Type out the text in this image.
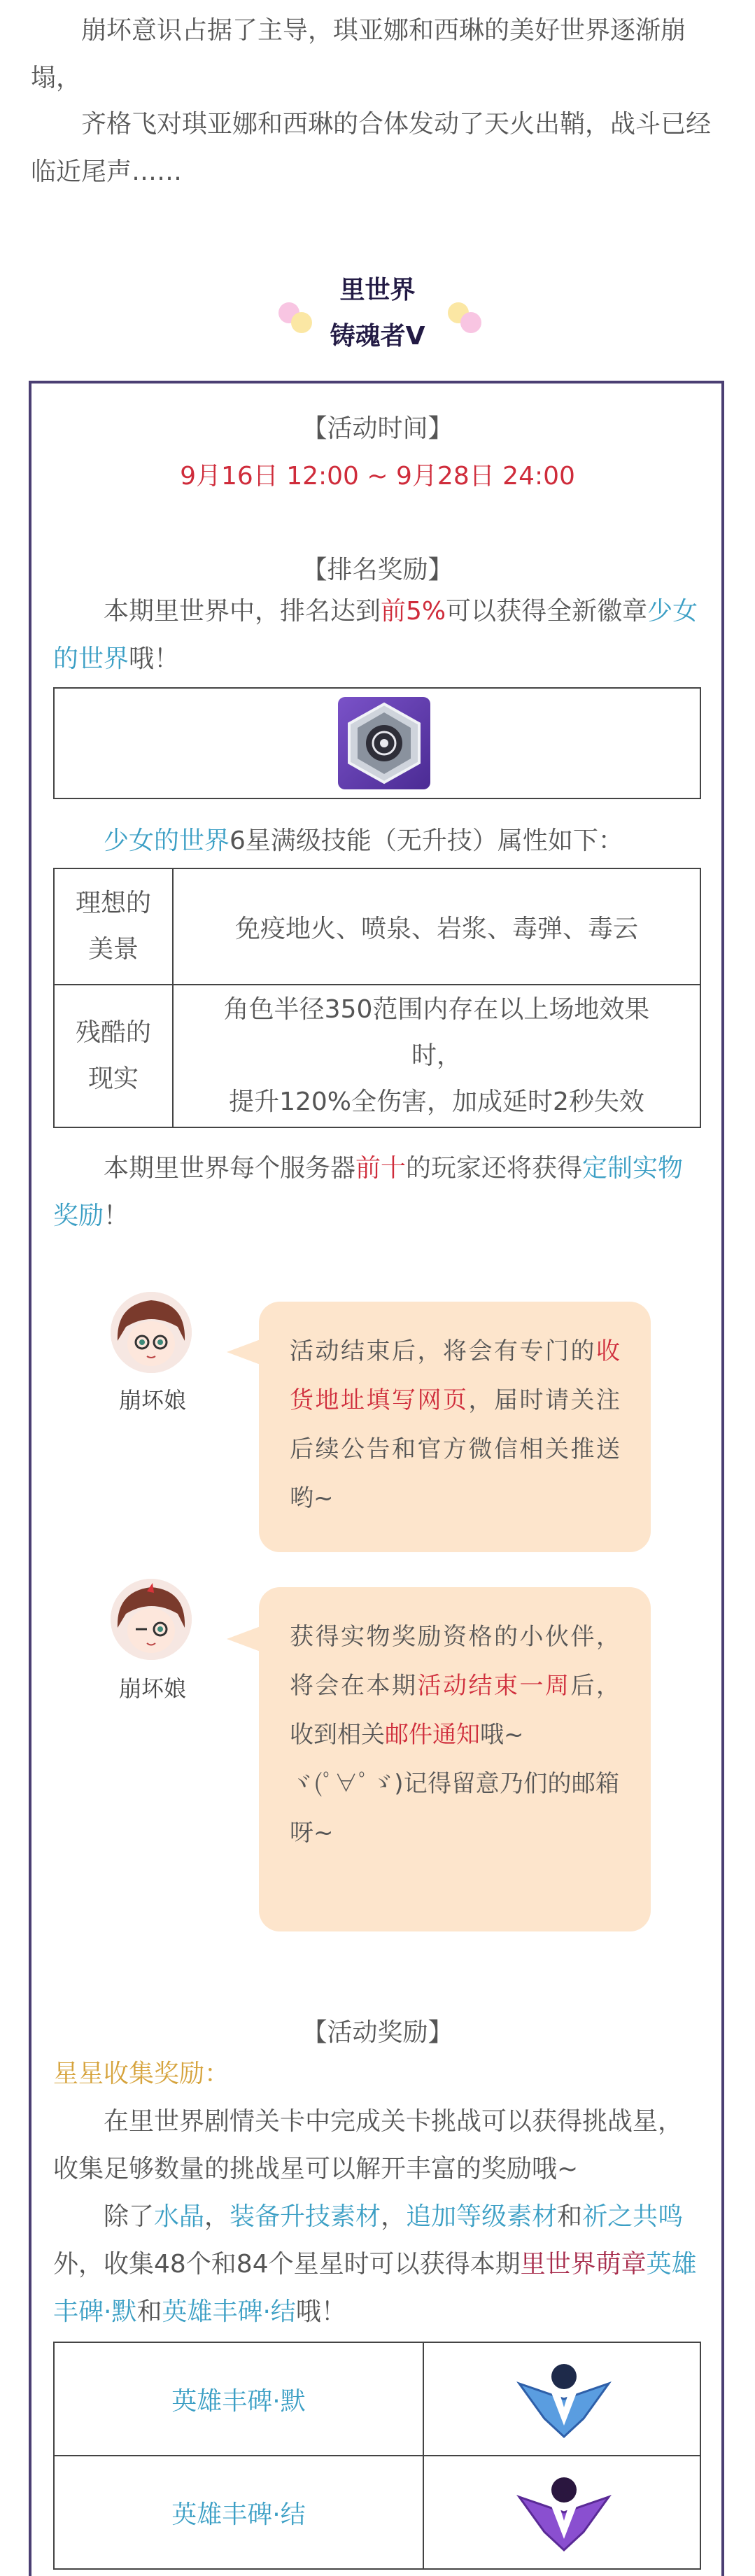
崩坏意识占据了主导，琪亚娜和西琳的美好世界逐渐崩塌，

齐格飞对琪亚娜和西琳的合体发动了天火出鞘，战斗已经临近尾声……

里世界
铸魂者V
【活动时间】
9月16日 12:00 ~ 9月28日 24:00
【排名奖励】

本期里世界中，排名达到前5%可以获得全新徽章少女的世界哦！

少女的世界6星满级技能（无升技）属性如下：

理想的
美景	免疫地火、喷泉、岩浆、毒弹、毒云
残酷的
现实	角色半径350范围内存在以上场地效果
时，
提升120%全伤害，加成延时2秒失效

本期里世界每个服务器前十的玩家还将获得定制实物奖励！

崩坏娘
活动结束后，将会有专门的收货地址填写网页，届时请关注后续公告和官方微信相关推送哟~
崩坏娘
获得实物奖励资格的小伙伴，将会在本期活动结束一周后，收到相关邮件通知哦~
ヾ(ﾟ∀ﾟゞ)记得留意乃们的邮箱呀~
【活动奖励】
星星收集奖励：

在里世界剧情关卡中完成关卡挑战可以获得挑战星，收集足够数量的挑战星可以解开丰富的奖励哦~

除了水晶，装备升技素材，追加等级素材和祈之共鸣外，收集48个和84个星星时可以获得本期里世界萌章英雄丰碑·默和英雄丰碑·结哦！

英雄丰碑·默	
英雄丰碑·结	
